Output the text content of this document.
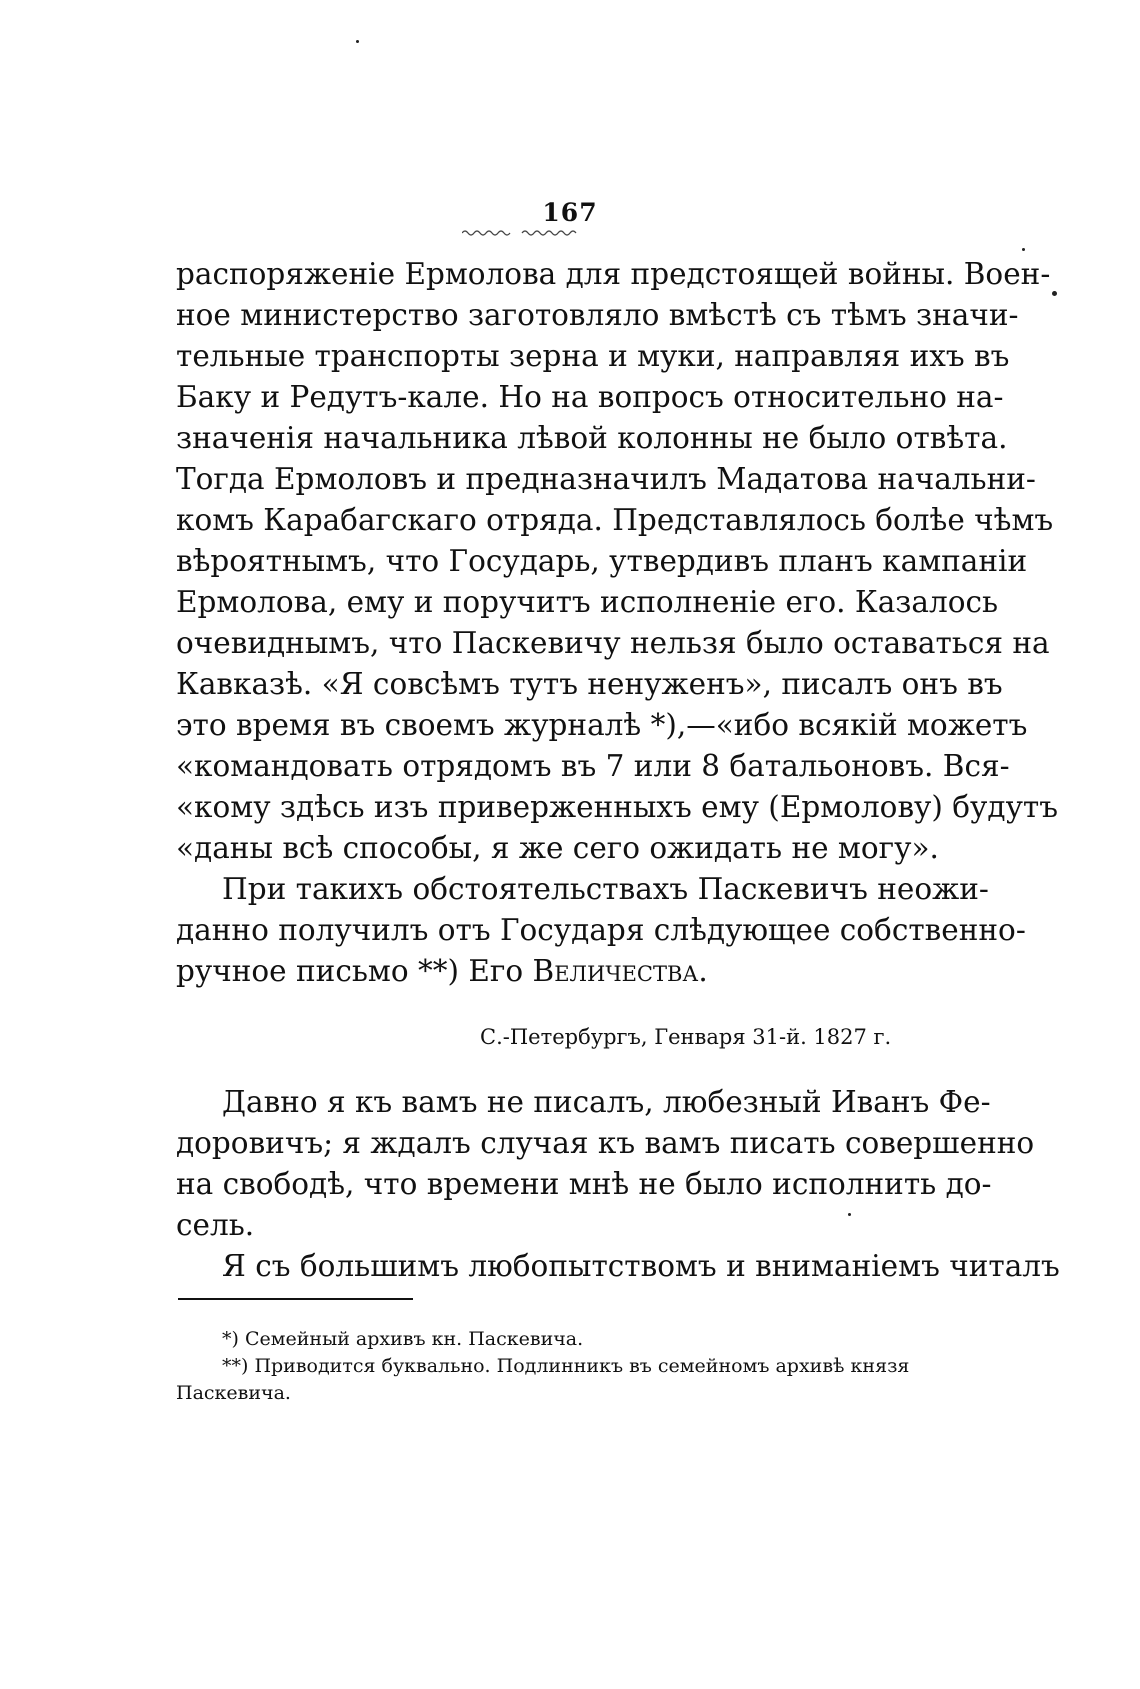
167
распоряженіе Ермолова для предстоящей войны. Воен-
ное министерство заготовляло вмѣстѣ съ тѣмъ значи-
тельные транспорты зерна и муки, направляя ихъ въ
Баку и Редутъ-кале. Но на вопросъ относительно на-
значенія начальника лѣвой колонны не было отвѣта.
Тогда Ермоловъ и предназначилъ Мадатова начальни-
комъ Карабагскаго отряда. Представлялось болѣе чѣмъ
вѣроятнымъ, что Государь, утвердивъ планъ кампаніи
Ермолова, ему и поручитъ исполненіе его. Казалось
очевиднымъ, что Паскевичу нельзя было оставаться на
Кавказѣ. «Я совсѣмъ тутъ ненуженъ», писалъ онъ въ
это время въ своемъ журналѣ *),—«ибо всякій можетъ
«командовать отрядомъ въ 7 или 8 батальоновъ. Вся-
«кому здѣсь изъ приверженныхъ ему (Ермолову) будутъ
«даны всѣ способы, я же сего ожидать не могу».
При такихъ обстоятельствахъ Паскевичъ неожи-
данно получилъ отъ Государя слѣдующее собственно-
ручное письмо **) Его Величества.
С.-Петербургъ, Генваря 31-й. 1827 г.
Давно я къ вамъ не писалъ, любезный Иванъ Фе-
доровичъ; я ждалъ случая къ вамъ писать совершенно
на свободѣ, что времени мнѣ не было исполнить до-
сель.
Я съ большимъ любопытствомъ и вниманіемъ читалъ
*) Семейный архивъ кн. Паскевича.
**) Приводится буквально. Подлинникъ въ семейномъ архивѣ князя
Паскевича.
